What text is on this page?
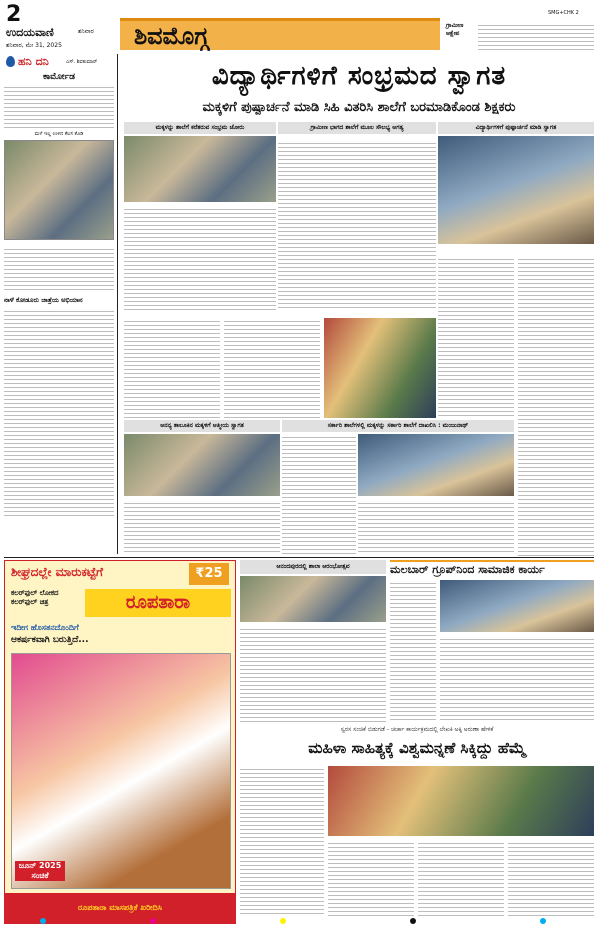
2
ಉದಯವಾಣಿ	ಶನಿವಾರ
ಶನಿವಾರ, ಮೇ 31, 2025	ಶಿವಮೊಗ್ಗ	ಗ್ರಾಮೀಣ ಆಕ್ಷೇಪ
SMG+CHK 2
ಹನಿ ದನಿ	ಎಸ್. ಶಿವಕುಮಾರ್
ಕಾರ್ಮೋಡ
ಮಳೆ ಇಲ್ಲ ಉಳಿದ ಕೆಲಸ ಕೊಡಿ
ನಾಳೆ ಕೋಡೂರು ಜಾತ್ರೆಯ ಅಭಿಯಾನ
ವಿದ್ಯಾರ್ಥಿಗಳಿಗೆ ಸಂಭ್ರಮದ ಸ್ವಾಗತ
ಮಕ್ಕಳಿಗೆ ಪುಷ್ಪಾರ್ಚನೆ ಮಾಡಿ ಸಿಹಿ ವಿತರಿಸಿ ಶಾಲೆಗೆ ಬರಮಾಡಿಕೊಂಡ ಶಿಕ್ಷಕರು
ಮಕ್ಕಳನ್ನು ಶಾಲೆಗೆ ಕರೆತರುವ ಸಂಭ್ರಮ ಜೋರು	ಗ್ರಾಮೀಣ ಭಾಗದ ಶಾಲೆಗೆ ಮೂಲ ಸೌಲಭ್ಯ ಅಗತ್ಯ	ವಿದ್ಯಾರ್ಥಿಗಳಿಗೆ ಪುಷ್ಪಾರ್ಚನೆ ಮಾಡಿ ಸ್ವಾಗತ
ಅನನ್ಯ ತಾಲೂಕಿನ ಮಕ್ಕಳಿಗೆ ಆತ್ಮೀಯ ಸ್ವಾಗತ	ಸರ್ಕಾರಿ ಶಾಲೆಗಳಲ್ಲಿ ಮಕ್ಕಳನ್ನು ಸರ್ಕಾರಿ ಶಾಲೆಗೆ ದಾಖಲಿಸಿ : ಮಂಜುನಾಥ್
ಶೀಘ್ರದಲ್ಲೇ ಮಾರುಕಟ್ಟೆಗೆ	₹25
ಕಲರ್‌ಫುಲ್ ಲೋಕದ ಕಲರ್‌ಫುಲ್ ಚಿತ್ರ	ರೂಪತಾರಾ
ಇದೀಗ ಹೊಸತನದೊಂದಿಗೆ
ಆಕರ್ಷಕವಾಗಿ ಬರುತ್ತಿದೆ...
ಜೂನ್ 2025 ಸಂಚಿಕೆ
ರೂಪತಾರಾ ಮಾಸಪತ್ರಿಕೆ ಖರೀದಿಸಿ
ಆನಂದಪುರದಲ್ಲಿ ಶಾಲಾ ಆರಂಭೋತ್ಸವ	ಮಲಬಾರ್ ಗ್ರೂಪ್‌ನಿಂದ ಸಾಮಾಜಿಕ ಕಾರ್ಯ
ಸ್ವರಸ ಸಂಚಿಕೆ ಬಿಡುಗಡೆ - ಚರ್ಚಾ ಕಾರ್ಯಕ್ರಮದಲ್ಲಿ ಲೇಖಕಿ ಅಕ್ಕಿ ಅರುಣಾ ಹೇಳಿಕೆ
ಮಹಿಳಾ ಸಾಹಿತ್ಯಕ್ಕೆ ವಿಶ್ವಮನ್ನಣೆ ಸಿಕ್ಕಿದ್ದು ಹೆಮ್ಮೆ
